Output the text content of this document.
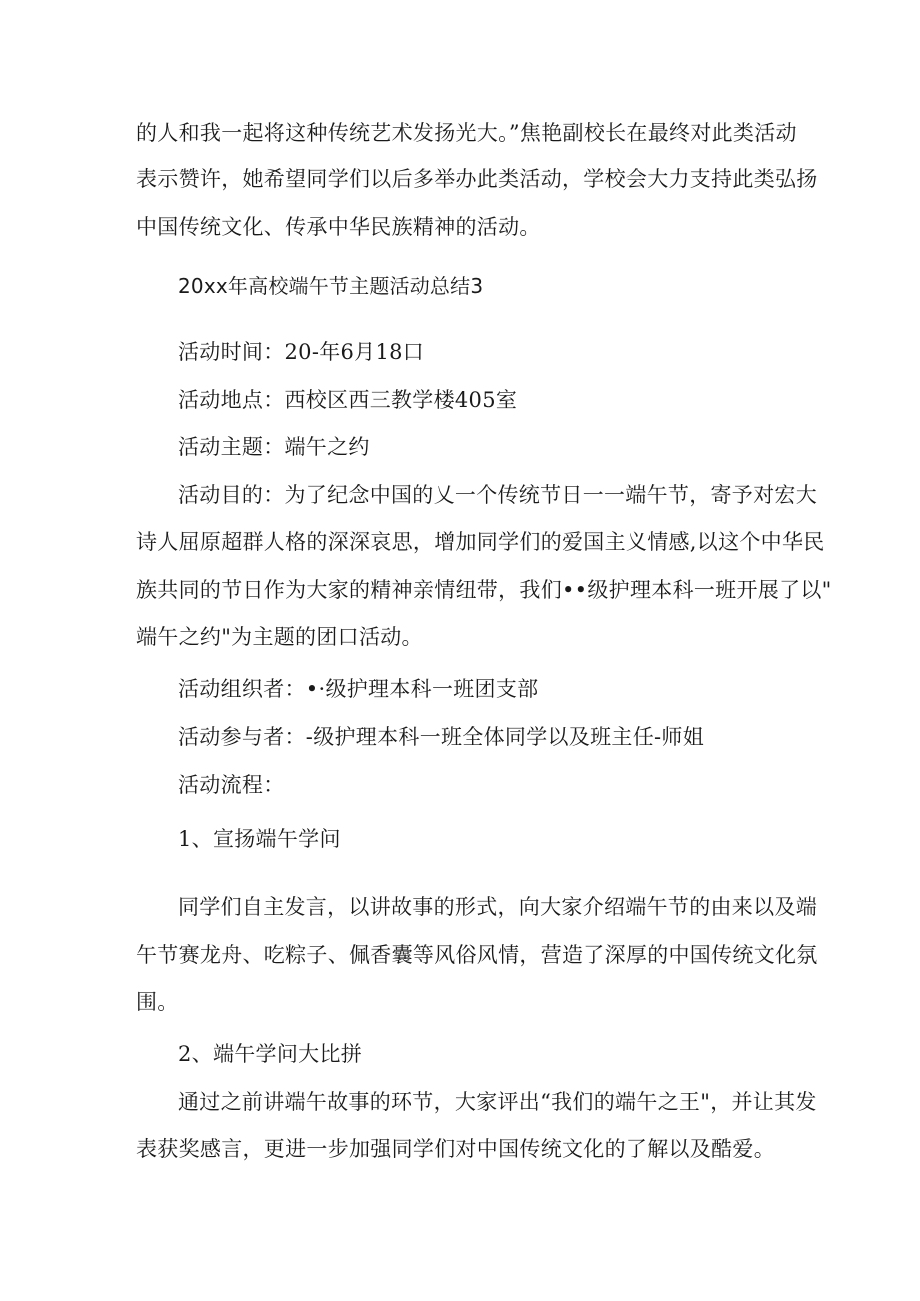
的人和我一起将这种传统艺术发扬光大。”焦艳副校长在最终对此类活动
表示赞许，她希望同学们以后多举办此类活动，学校会大力支持此类弘扬
中国传统文化、传承中华民族精神的活动。
20xx年高校端午节主题活动总结3
活动时间：20-年6月18口
活动地点：西校区西三教学楼405室
活动主题：端午之约
活动目的：为了纪念中国的乂一个传统节日一一端午节，寄予对宏大
诗人屈原超群人格的深深哀思，增加同学们的爱国主义情感,以这个中华民
族共同的节日作为大家的精神亲情纽带，我们••级护理本科一班开展了以"
端午之约"为主题的团口活动。
活动组织者：•·级护理本科一班团支部
活动参与者：-级护理本科一班全体同学以及班主任-师姐
活动流程：
1、宣扬端午学问
同学们自主发言，以讲故事的形式，向大家介绍端午节的由来以及端
午节赛龙舟、吃粽子、佩香囊等风俗风情，营造了深厚的中国传统文化氛
围。
2、端午学问大比拼
通过之前讲端午故事的环节，大家评出“我们的端午之王"，并让其发
表获奖感言，更进一步加强同学们对中国传统文化的了解以及酷爱。
